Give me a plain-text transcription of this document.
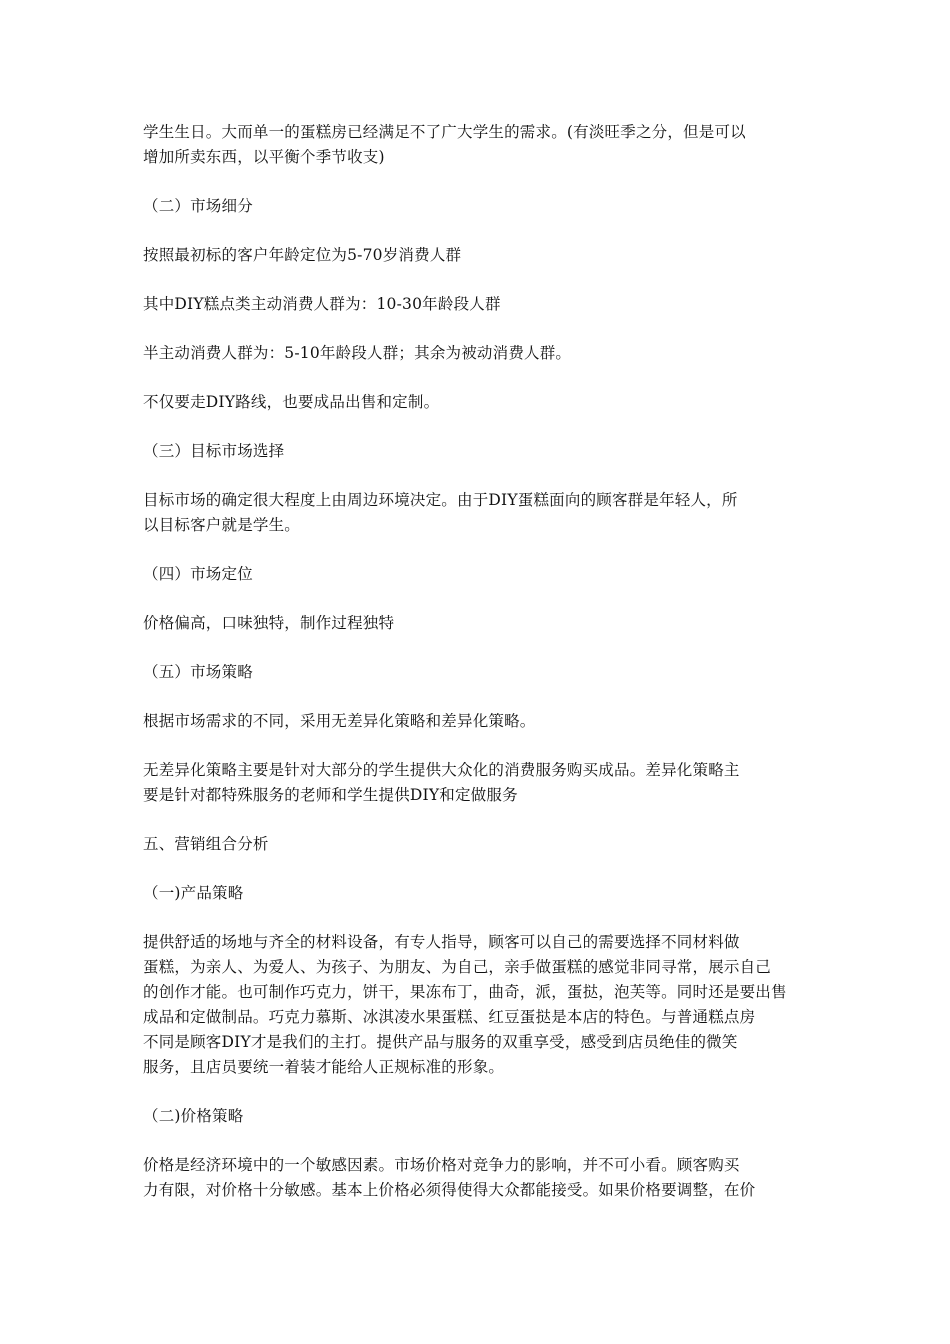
学生生日。大而单一的蛋糕房已经满足不了广大学生的需求。(有淡旺季之分，但是可以
增加所卖东西，以平衡个季节收支)

（二）市场细分

按照最初标的客户年龄定位为5-70岁消费人群

其中DIY糕点类主动消费人群为：10-30年龄段人群

半主动消费人群为：5-10年龄段人群；其余为被动消费人群。

不仅要走DIY路线，也要成品出售和定制。

（三）目标市场选择

目标市场的确定很大程度上由周边环境决定。由于DIY蛋糕面向的顾客群是年轻人，所
以目标客户就是学生。

（四）市场定位

价格偏高，口味独特，制作过程独特

（五）市场策略

根据市场需求的不同，采用无差异化策略和差异化策略。

无差异化策略主要是针对大部分的学生提供大众化的消费服务购买成品。差异化策略主
要是针对都特殊服务的老师和学生提供DIY和定做服务

五、营销组合分析

（一)产品策略

提供舒适的场地与齐全的材料设备，有专人指导，顾客可以自己的需要选择不同材料做
蛋糕，为亲人、为爱人、为孩子、为朋友、为自己，亲手做蛋糕的感觉非同寻常，展示自己
的创作才能。也可制作巧克力，饼干，果冻布丁，曲奇，派，蛋挞，泡芙等。同时还是要出售
成品和定做制品。巧克力慕斯、冰淇凌水果蛋糕、红豆蛋挞是本店的特色。与普通糕点房
不同是顾客DIY才是我们的主打。提供产品与服务的双重享受，感受到店员绝佳的微笑
服务，且店员要统一着装才能给人正规标准的形象。

（二)价格策略

价格是经济环境中的一个敏感因素。市场价格对竞争力的影响，并不可小看。顾客购买
力有限，对价格十分敏感。基本上价格必须得使得大众都能接受。如果价格要调整，在价
